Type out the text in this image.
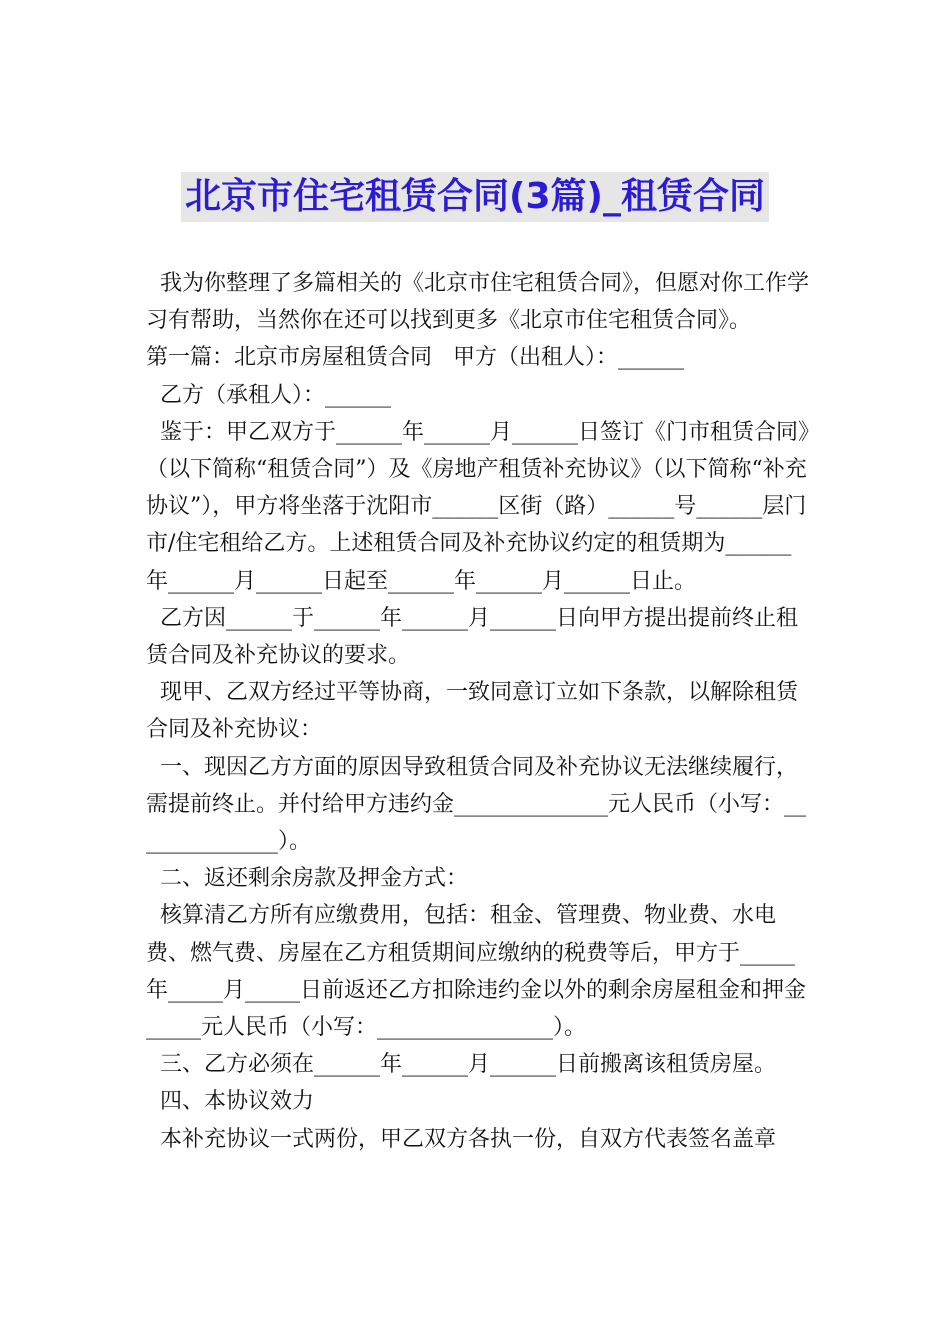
北京市住宅租赁合同(3篇)_租赁合同

我为你整理了多篇相关的《北京市住宅租赁合同》，但愿对你工作学习有帮助，当然你在还可以找到更多《北京市住宅租赁合同》。

第一篇：北京市房屋租赁合同   甲方（出租人）：______

乙方（承租人）：______

鉴于：甲乙双方于______年______月______日签订《门市租赁合同》（以下简称“租赁合同”）及《房地产租赁补充协议》（以下简称“补充协议”），甲方将坐落于沈阳市______区街（路）______号______层门市/住宅租给乙方。上述租赁合同及补充协议约定的租赁期为______年______月______日起至______年______月______日止。

乙方因______于______年______月______日向甲方提出提前终止租赁合同及补充协议的要求。

现甲、乙双方经过平等协商，一致同意订立如下条款，以解除租赁合同及补充协议：

一、现因乙方方面的原因导致租赁合同及补充协议无法继续履行，需提前终止。并付给甲方违约金______________元人民币（小写：______________）。

二、返还剩余房款及押金方式：

核算清乙方所有应缴费用，包括：租金、管理费、物业费、水电费、燃气费、房屋在乙方租赁期间应缴纳的税费等后，甲方于_____年_____月_____日前返还乙方扣除违约金以外的剩余房屋租金和押金_____元人民币（小写：________________）。

三、乙方必须在______年______月______日前搬离该租赁房屋。

四、本协议效力

本补充协议一式两份，甲乙双方各执一份，自双方代表签名盖章
